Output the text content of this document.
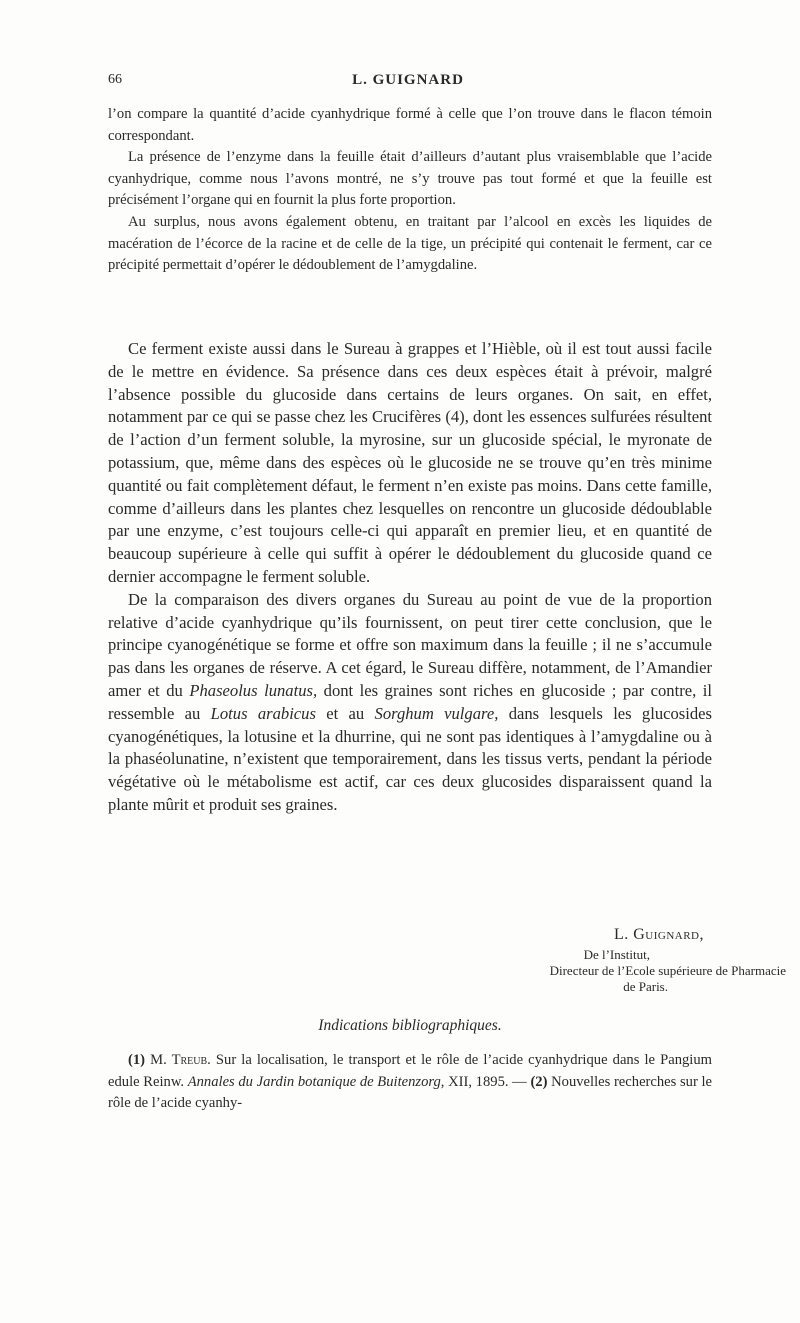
66	L. GUIGNARD

l’on compare la quantité d’acide cyanhydrique formé à celle que l’on trouve dans le flacon témoin correspondant.

La présence de l’enzyme dans la feuille était d’ailleurs d’autant plus vraisemblable que l’acide cyanhydrique, comme nous l’avons montré, ne s’y trouve pas tout formé et que la feuille est précisément l’organe qui en fournit la plus forte proportion.

Au surplus, nous avons également obtenu, en traitant par l’alcool en excès les liquides de macération de l’écorce de la racine et de celle de la tige, un précipité qui contenait le ferment, car ce précipité permettait d’opérer le dédoublement de l’amygdaline.

Ce ferment existe aussi dans le Sureau à grappes et l’Hièble, où il est tout aussi facile de le mettre en évidence. Sa présence dans ces deux espèces était à prévoir, malgré l’absence possible du glucoside dans certains de leurs organes. On sait, en effet, notamment par ce qui se passe chez les Crucifères (4), dont les essences sulfurées résultent de l’action d’un ferment soluble, la myrosine, sur un glucoside spécial, le myronate de potassium, que, même dans des espèces où le glucoside ne se trouve qu’en très minime quantité ou fait complètement défaut, le ferment n’en existe pas moins. Dans cette famille, comme d’ailleurs dans les plantes chez lesquelles on rencontre un glucoside dédoublable par une enzyme, c’est toujours celle-ci qui apparaît en premier lieu, et en quantité de beaucoup supérieure à celle qui suffit à opérer le dédoublement du glucoside quand ce dernier accompagne le ferment soluble.

De la comparaison des divers organes du Sureau au point de vue de la proportion relative d’acide cyanhydrique qu’ils fournissent, on peut tirer cette conclusion, que le principe cyanogénétique se forme et offre son maximum dans la feuille ; il ne s’accumule pas dans les organes de réserve. A cet égard, le Sureau diffère, notamment, de l’Amandier amer et du Phaseolus lunatus, dont les graines sont riches en glucoside ; par contre, il ressemble au Lotus arabicus et au Sorghum vulgare, dans lesquels les glucosides cyanogénétiques, la lotusine et la dhurrine, qui ne sont pas identiques à l’amygdaline ou à la phaséolunatine, n’existent que temporairement, dans les tissus verts, pendant la période végétative où le métabolisme est actif, car ces deux glucosides disparaissent quand la plante mûrit et produit ses graines.

L. Guignard,
De l’Institut,
Directeur de l’Ecole supérieure de Pharmacie
de Paris.
Indications bibliographiques.

(1) M. Treub. Sur la localisation, le transport et le rôle de l’acide cyanhydrique dans le Pangium edule Reinw. Annales du Jardin botanique de Buitenzorg, XII, 1895. — (2) Nouvelles recherches sur le rôle de l’acide cyanhy-
